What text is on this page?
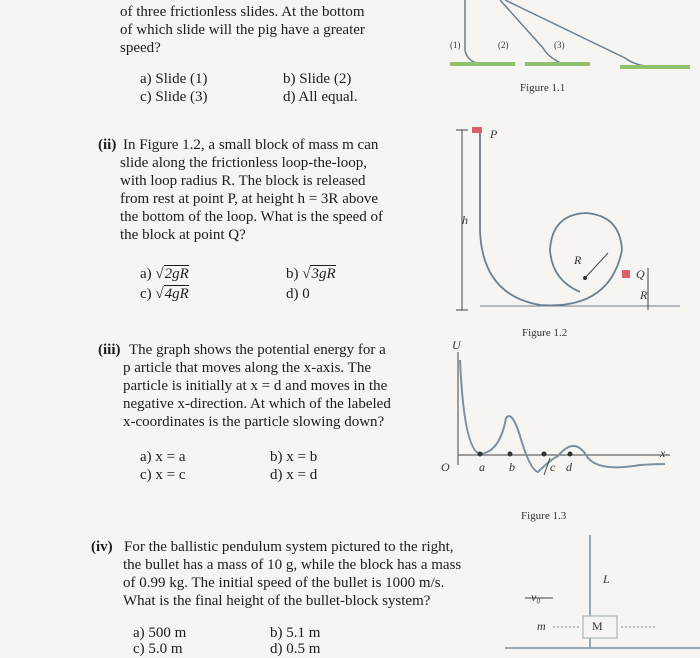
of three frictionless slides. At the bottom
of which slide will the pig have a greater
speed?
a) Slide (1)	b) Slide (2)
c) Slide (3)	d) All equal.
(1)	(2)	(3)
Figure 1.1
(ii) In Figure 1.2, a small block of mass m can
slide along the frictionless loop-the-loop,
with loop radius R. The block is released
from rest at point P, at height h = 3R above
the bottom of the loop. What is the speed of
the block at point Q?
a) √2gR	b) √3gR
c) √4gR	d) 0
P
h
R
Q
R
Figure 1.2
(iii) The graph shows the potential energy for a
p article that moves along the x-axis. The
particle is initially at x = d and moves in the
negative x-direction. At which of the labeled
x-coordinates is the particle slowing down?
a) x = a	b) x = b
c) x = c	d) x = d
U
x
O a b	c d
Figure 1.3
(iv) For the ballistic pendulum system pictured to the right,
the bullet has a mass of 10 g, while the block has a mass
of 0.99 kg. The initial speed of the bullet is 1000 m/s.
What is the final height of the bullet-block system?
a) 500 m	b) 5.1 m
c) 5.0 m	d) 0.5 m
L
v₀
m	M
